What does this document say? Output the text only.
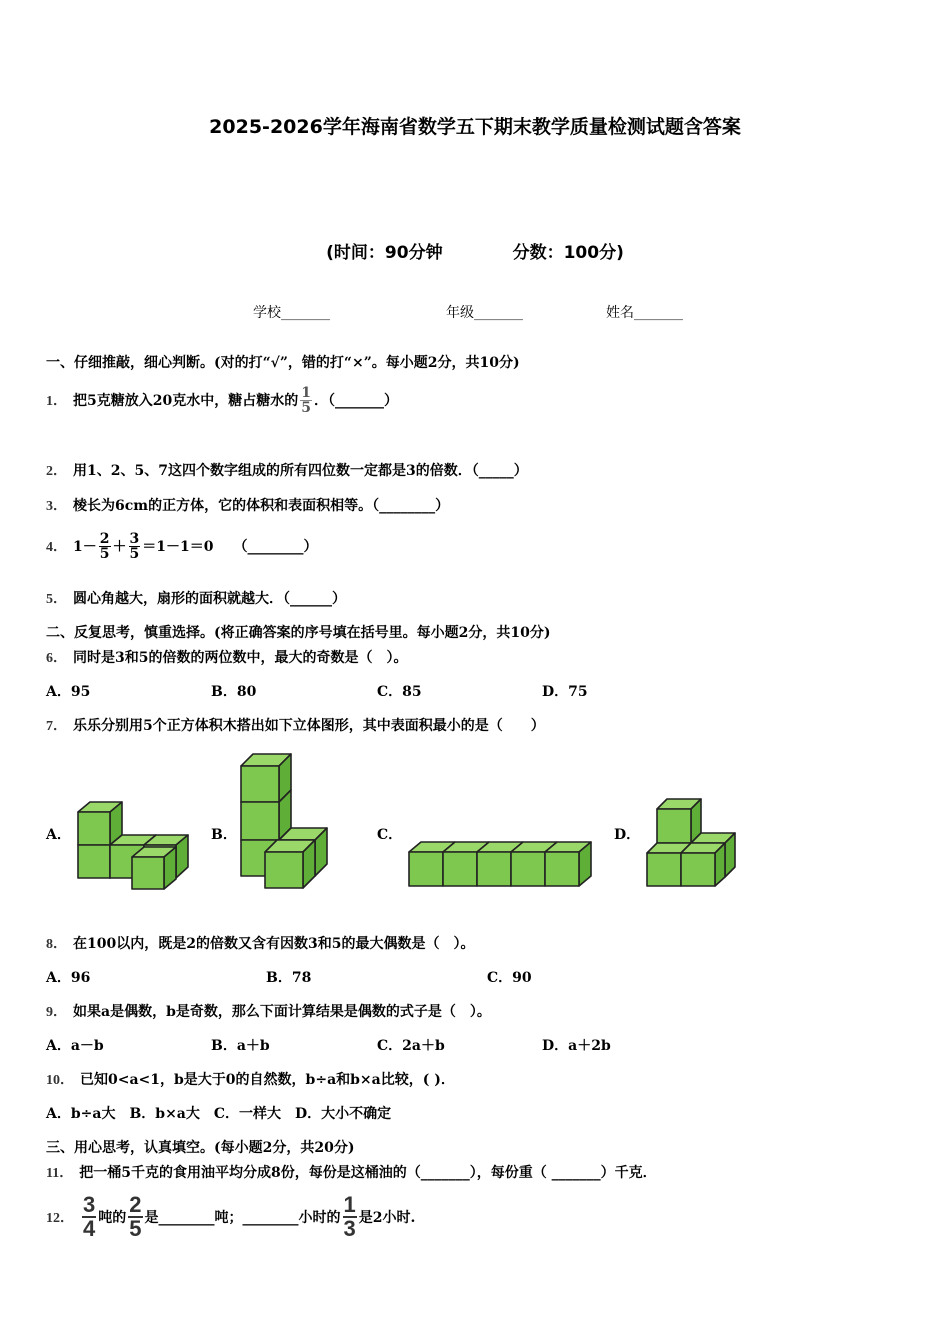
2025-2026学年海南省数学五下期末教学质量检测试题含答案
(时间：90分钟	分数：100分)
学校_______	年级_______	姓名_______
一、仔细推敲，细心判断。(对的打“√”，错的打“×”。每小题2分，共10分)
1． 把5克糖放入20克水中，糖占糖水的 $\frac{1}{5}$ ．（_______）
2． 用1、2、5、7这四个数字组成的所有四位数一定都是3的倍数．（_____）
3． 棱长为6cm的正方体，它的体积和表面积相等。（________）
4． $1- \frac{2}{5} + \frac{3}{5} =1-1=0$ （________）
5． 圆心角越大，扇形的面积就越大．（______）
二、反复思考，慎重选择。(将正确答案的序号填在括号里。每小题2分，共10分)
6． 同时是3和5的倍数的两位数中，最大的奇数是（　）。
A．95	B．80	C．85	D．75
7． 乐乐分别用5个正方体积木搭出如下立体图形，其中表面积最小的是（　　）
A．	B．	C．	D．
8． 在100以内，既是2的倍数又含有因数3和5的最大偶数是（　）。
A．96	B．78	C．90
9． 如果a是偶数，b是奇数，那么下面计算结果是偶数的式子是（　）。
A．a－b	B．a＋b	C．2a＋b	D．a＋2b
10． 已知0<a<1，b是大于0的自然数，b÷a和b×a比较，( )．
A．b÷a大　B．b×a大　C．一样大　D．大小不确定
三、用心思考，认真填空。(每小题2分，共20分)
11． 把一桶5千克的食用油平均分成8份，每份是这桶油的（_______），每份重（ _______）千克．
12． $\frac{3}{4}$ 吨的 $\frac{2}{5}$ 是________吨；________小时的 $\frac{1}{3}$ 是2小时.
